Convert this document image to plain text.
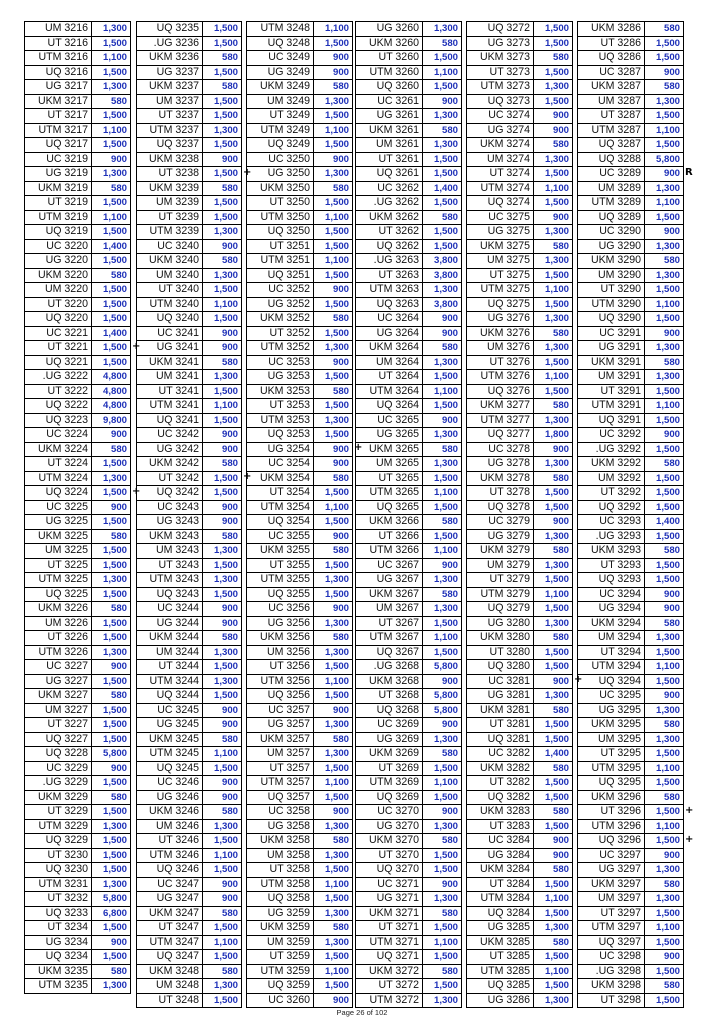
UM 3216	1,300
UT 3216	1,500
UTM 3216	1,100
UQ 3216	1,500
UG 3217	1,300
UKM 3217	580
UT 3217	1,500
UTM 3217	1,100
UQ 3217	1,500
UC 3219	900
UG 3219	1,300
UKM 3219	580
UT 3219	1,500
UTM 3219	1,100
UQ 3219	1,500
UC 3220	1,400
UG 3220	1,500
UKM 3220	580
UM 3220	1,500
UT 3220	1,500
UQ 3220	1,500
UC 3221	1,400
UT 3221	1,500
UQ 3221	1,500
.UG 3222	4,800
UT 3222	4,800
UQ 3222	4,800
UQ 3223	9,800
UC 3224	900
UKM 3224	580
UT 3224	1,500
UTM 3224	1,300
UQ 3224	1,500
UC 3225	900
UG 3225	1,500
UKM 3225	580
UM 3225	1,500
UT 3225	1,500
UTM 3225	1,300
UQ 3225	1,500
UKM 3226	580
UM 3226	1,500
UT 3226	1,500
UTM 3226	1,300
UC 3227	900
UG 3227	1,500
UKM 3227	580
UM 3227	1,500
UT 3227	1,500
UQ 3227	1,500
UQ 3228	5,800
UC 3229	900
.UG 3229	1,500
UKM 3229	580
UT 3229	1,500
UTM 3229	1,300
UQ 3229	1,500
UT 3230	1,500
UQ 3230	1,500
UTM 3231	1,300
UT 3232	5,800
UQ 3233	6,800
UT 3234	1,500
UG 3234	900
UQ 3234	1,500
UKM 3235	580
UTM 3235	1,300
UQ 3235	1,500
.UG 3236	1,500
UKM 3236	580
UG 3237	1,500
UKM 3237	580
UM 3237	1,500
UT 3237	1,500
UTM 3237	1,300
UQ 3237	1,500
UKM 3238	900
UT 3238	1,500
UKM 3239	580
UM 3239	1,500
UT 3239	1,500
UTM 3239	1,300
UC 3240	900
UKM 3240	580
UM 3240	1,300
UT 3240	1,500
UTM 3240	1,100
UQ 3240	1,500
UC 3241	900
UG 3241	900
UKM 3241	580
UM 3241	1,300
UT 3241	1,500
UTM 3241	1,100
UQ 3241	1,500
UC 3242	900
UG 3242	900
UKM 3242	580
UT 3242	1,500
UQ 3242	1,500
UC 3243	900
UG 3243	900
UKM 3243	580
UM 3243	1,300
UT 3243	1,500
UTM 3243	1,300
UQ 3243	1,500
UC 3244	900
UG 3244	900
UKM 3244	580
UM 3244	1,300
UT 3244	1,500
UTM 3244	1,300
UQ 3244	1,500
UC 3245	900
UG 3245	900
UKM 3245	580
UTM 3245	1,100
UQ 3245	1,500
UC 3246	900
UG 3246	900
UKM 3246	580
UM 3246	1,300
UT 3246	1,500
UTM 3246	1,100
UQ 3246	1,500
UC 3247	900
UG 3247	900
UKM 3247	580
UT 3247	1,500
UTM 3247	1,100
UQ 3247	1,500
UKM 3248	580
UM 3248	1,300
UT 3248	1,500
UTM 3248	1,100
UQ 3248	1,500
UC 3249	900
UG 3249	900
UKM 3249	580
UM 3249	1,300
UT 3249	1,500
UTM 3249	1,100
UQ 3249	1,500
UC 3250	900
UG 3250	1,300
UKM 3250	580
UT 3250	1,500
UTM 3250	1,100
UQ 3250	1,500
UT 3251	1,500
UTM 3251	1,100
UQ 3251	1,500
UC 3252	900
UG 3252	1,500
UKM 3252	580
UT 3252	1,500
UTM 3252	1,300
UC 3253	900
UG 3253	1,500
UKM 3253	580
UT 3253	1,500
UTM 3253	1,300
UQ 3253	1,500
UG 3254	900
UC 3254	900
UKM 3254	580
UT 3254	1,500
UTM 3254	1,100
UQ 3254	1,500
UC 3255	900
UKM 3255	580
UT 3255	1,500
UTM 3255	1,300
UQ 3255	1,500
UC 3256	900
UG 3256	1,300
UKM 3256	580
UM 3256	1,300
UT 3256	1,500
UTM 3256	1,100
UQ 3256	1,500
UC 3257	900
UG 3257	1,300
UKM 3257	580
UM 3257	1,300
UT 3257	1,500
UTM 3257	1,100
UQ 3257	1,500
UC 3258	900
UG 3258	1,300
UKM 3258	580
UM 3258	1,300
UT 3258	1,500
UTM 3258	1,100
UQ 3258	1,500
UG 3259	1,300
UKM 3259	580
UM 3259	1,300
UT 3259	1,500
UTM 3259	1,100
UQ 3259	1,500
UC 3260	900
UG 3260	1,300
UKM 3260	580
UT 3260	1,500
UTM 3260	1,100
UQ 3260	1,500
UC 3261	900
UG 3261	1,300
UKM 3261	580
UM 3261	1,300
UT 3261	1,500
UQ 3261	1,500
UC 3262	1,400
.UG 3262	1,500
UKM 3262	580
UT 3262	1,500
UQ 3262	1,500
.UG 3263	3,800
UT 3263	3,800
UTM 3263	1,300
UQ 3263	3,800
UC 3264	900
UG 3264	900
UKM 3264	580
UM 3264	1,300
UT 3264	1,500
UTM 3264	1,100
UQ 3264	1,500
UC 3265	900
UG 3265	1,300
UKM 3265	580
UM 3265	1,300
UT 3265	1,500
UTM 3265	1,100
UQ 3265	1,500
UKM 3266	580
UT 3266	1,500
UTM 3266	1,100
UC 3267	900
UG 3267	1,300
UKM 3267	580
UM 3267	1,300
UT 3267	1,500
UTM 3267	1,100
UQ 3267	1,500
.UG 3268	5,800
UKM 3268	900
UT 3268	5,800
UQ 3268	5,800
UC 3269	900
UG 3269	1,300
UKM 3269	580
UT 3269	1,500
UTM 3269	1,100
UQ 3269	1,500
UC 3270	900
UG 3270	1,300
UKM 3270	580
UT 3270	1,500
UQ 3270	1,500
UC 3271	900
UG 3271	1,300
UKM 3271	580
UT 3271	1,500
UTM 3271	1,100
UQ 3271	1,500
UKM 3272	580
UT 3272	1,500
UTM 3272	1,300
UQ 3272	1,500
UG 3273	1,500
UKM 3273	580
UT 3273	1,500
UTM 3273	1,300
UQ 3273	1,500
UC 3274	900
UG 3274	900
UKM 3274	580
UM 3274	1,300
UT 3274	1,500
UTM 3274	1,100
UQ 3274	1,500
UC 3275	900
UG 3275	1,300
UKM 3275	580
UM 3275	1,300
UT 3275	1,500
UTM 3275	1,100
UQ 3275	1,500
UG 3276	1,300
UKM 3276	580
UM 3276	1,300
UT 3276	1,500
UTM 3276	1,100
UQ 3276	1,500
UKM 3277	580
UTM 3277	1,300
UQ 3277	1,800
UC 3278	900
UG 3278	1,300
UKM 3278	580
UT 3278	1,500
UQ 3278	1,500
UC 3279	900
UG 3279	1,300
UKM 3279	580
UM 3279	1,300
UT 3279	1,500
UTM 3279	1,100
UQ 3279	1,500
UG 3280	1,300
UKM 3280	580
UT 3280	1,500
UQ 3280	1,500
UC 3281	900
UG 3281	1,300
UKM 3281	580
UT 3281	1,500
UQ 3281	1,500
UC 3282	1,400
UKM 3282	580
UT 3282	1,500
UQ 3282	1,500
UKM 3283	580
UT 3283	1,500
UC 3284	900
UG 3284	900
UKM 3284	580
UT 3284	1,500
UTM 3284	1,100
UQ 3284	1,500
UG 3285	1,300
UKM 3285	580
UT 3285	1,500
UTM 3285	1,100
UQ 3285	1,500
UG 3286	1,300
UKM 3286	580
UT 3286	1,500
UQ 3286	1,500
UC 3287	900
UKM 3287	580
UM 3287	1,300
UT 3287	1,500
UTM 3287	1,100
UQ 3287	1,500
UQ 3288	5,800
UC 3289	900
UM 3289	1,300
UTM 3289	1,100
UQ 3289	1,500
UC 3290	900
UG 3290	1,300
UKM 3290	580
UM 3290	1,300
UT 3290	1,500
UTM 3290	1,100
UQ 3290	1,500
UC 3291	900
UG 3291	1,300
UKM 3291	580
UM 3291	1,300
UT 3291	1,500
UTM 3291	1,100
UQ 3291	1,500
UC 3292	900
.UG 3292	1,500
UKM 3292	580
UM 3292	1,500
UT 3292	1,500
UQ 3292	1,500
UC 3293	1,400
.UG 3293	1,500
UKM 3293	580
UT 3293	1,500
UQ 3293	1,500
UC 3294	900
UG 3294	900
UKM 3294	580
UM 3294	1,300
UT 3294	1,500
UTM 3294	1,100
UQ 3294	1,500
UC 3295	900
UG 3295	1,300
UKM 3295	580
UM 3295	1,300
UT 3295	1,500
UTM 3295	1,100
UQ 3295	1,500
UKM 3296	580
UT 3296	1,500
UTM 3296	1,100
UQ 3296	1,500
UC 3297	900
UG 3297	1,300
UKM 3297	580
UM 3297	1,300
UT 3297	1,500
UTM 3297	1,100
UQ 3297	1,500
UC 3298	900
.UG 3298	1,500
UKM 3298	580
UT 3298	1,500
+
+
+
+
+
+
R
+
+
Page 26 of 102
